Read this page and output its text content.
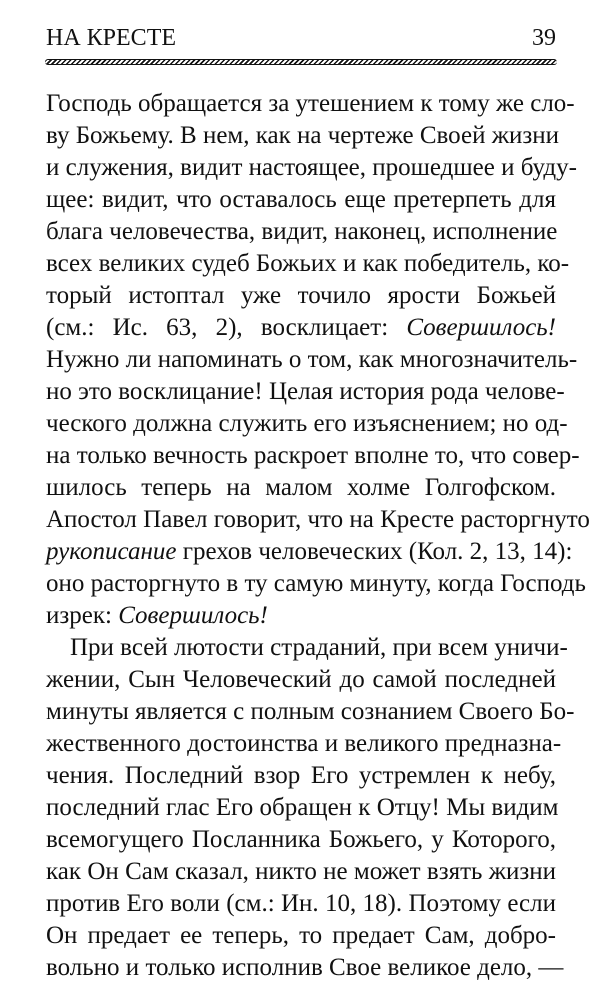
НА КРЕСТЕ	39
Господь обращается за утешением к тому же сло-
ву Божьему. В нем, как на чертеже Своей жизни
и служения, видит настоящее, прошедшее и буду-
щее: видит, что оставалось еще претерпеть для
блага человечества, видит, наконец, исполнение
всех великих судеб Божьих и как победитель, ко-
торый истоптал уже точило ярости Божьей
(см.: Ис. 63, 2), восклицает: Совершилось!
Нужно ли напоминать о том, как многозначитель-
но это восклицание! Целая история рода челове-
ческого должна служить его изъяснением; но од-
на только вечность раскроет вполне то, что совер-
шилось теперь на малом холме Голгофском.
Апостол Павел говорит, что на Кресте расторгнуто
рукописание грехов человеческих (Кол. 2, 13, 14):
оно расторгнуто в ту самую минуту, когда Господь
изрек: Совершилось!
При всей лютости страданий, при всем уничи-
жении, Сын Человеческий до самой последней
минуты является с полным сознанием Своего Бо-
жественного достоинства и великого предназна-
чения. Последний взор Его устремлен к небу,
последний глас Его обращен к Отцу! Мы видим
всемогущего Посланника Божьего, у Которого,
как Он Сам сказал, никто не может взять жизни
против Его воли (см.: Ин. 10, 18). Поэтому если
Он предает ее теперь, то предает Сам, добро-
вольно и только исполнив Свое великое дело, —
